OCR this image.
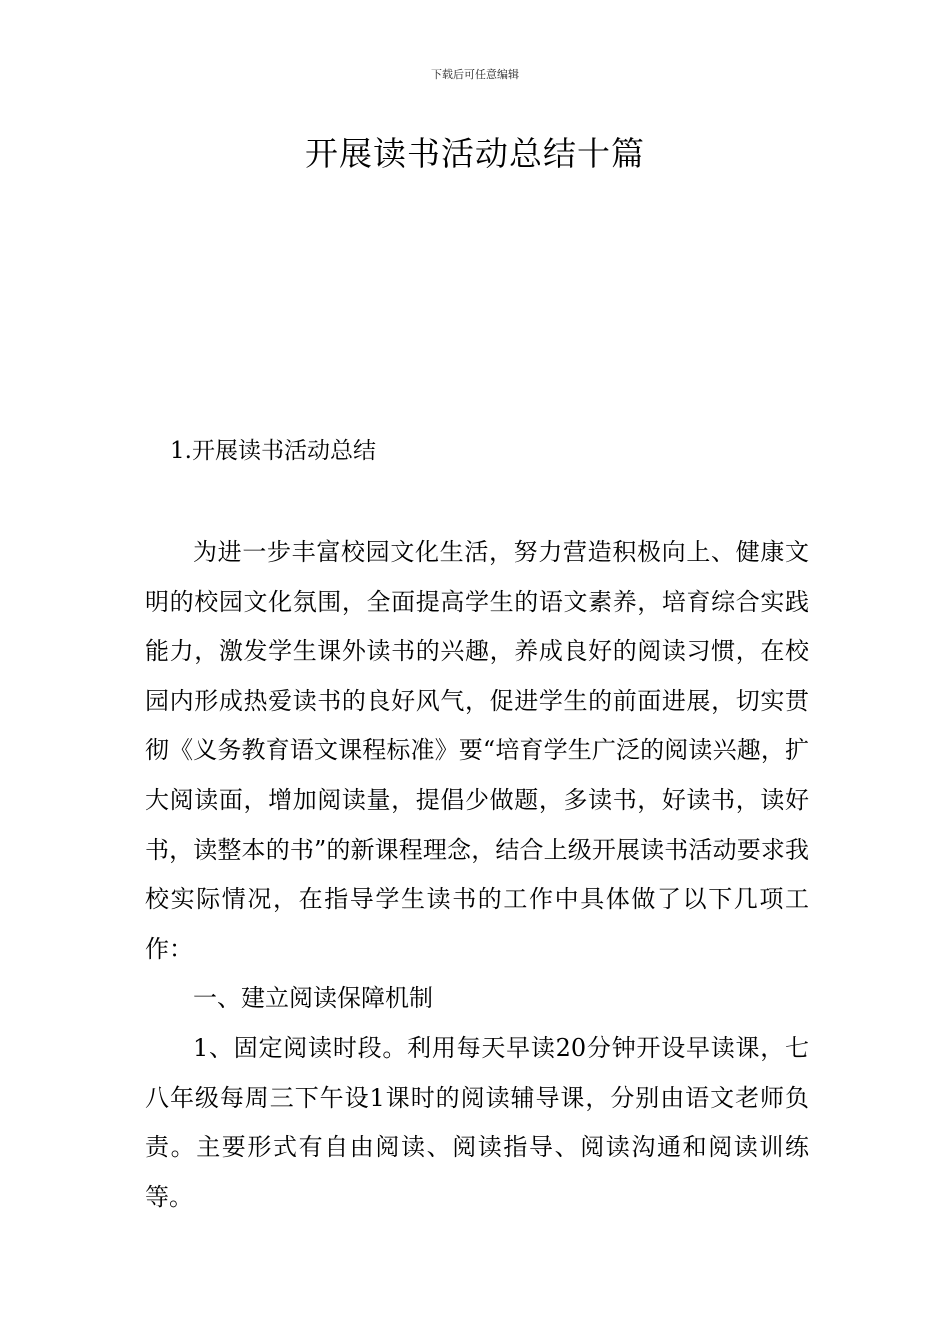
下载后可任意编辑
开展读书活动总结十篇
1.开展读书活动总结

为进一步丰富校园文化生活，努力营造积极向上、健康文明的校园文化氛围，全面提高学生的语文素养，培育综合实践能力，激发学生课外读书的兴趣，养成良好的阅读习惯，在校园内形成热爱读书的良好风气，促进学生的前面进展，切实贯彻《义务教育语文课程标准》要“培育学生广泛的阅读兴趣，扩大阅读面，增加阅读量，提倡少做题，多读书，好读书，读好书，读整本的书”的新课程理念，结合上级开展读书活动要求我校实际情况，在指导学生读书的工作中具体做了以下几项工作：

一、建立阅读保障机制

1、固定阅读时段。利用每天早读20分钟开设早读课，七八年级每周三下午设1课时的阅读辅导课，分别由语文老师负责。主要形式有自由阅读、阅读指导、阅读沟通和阅读训练等。
